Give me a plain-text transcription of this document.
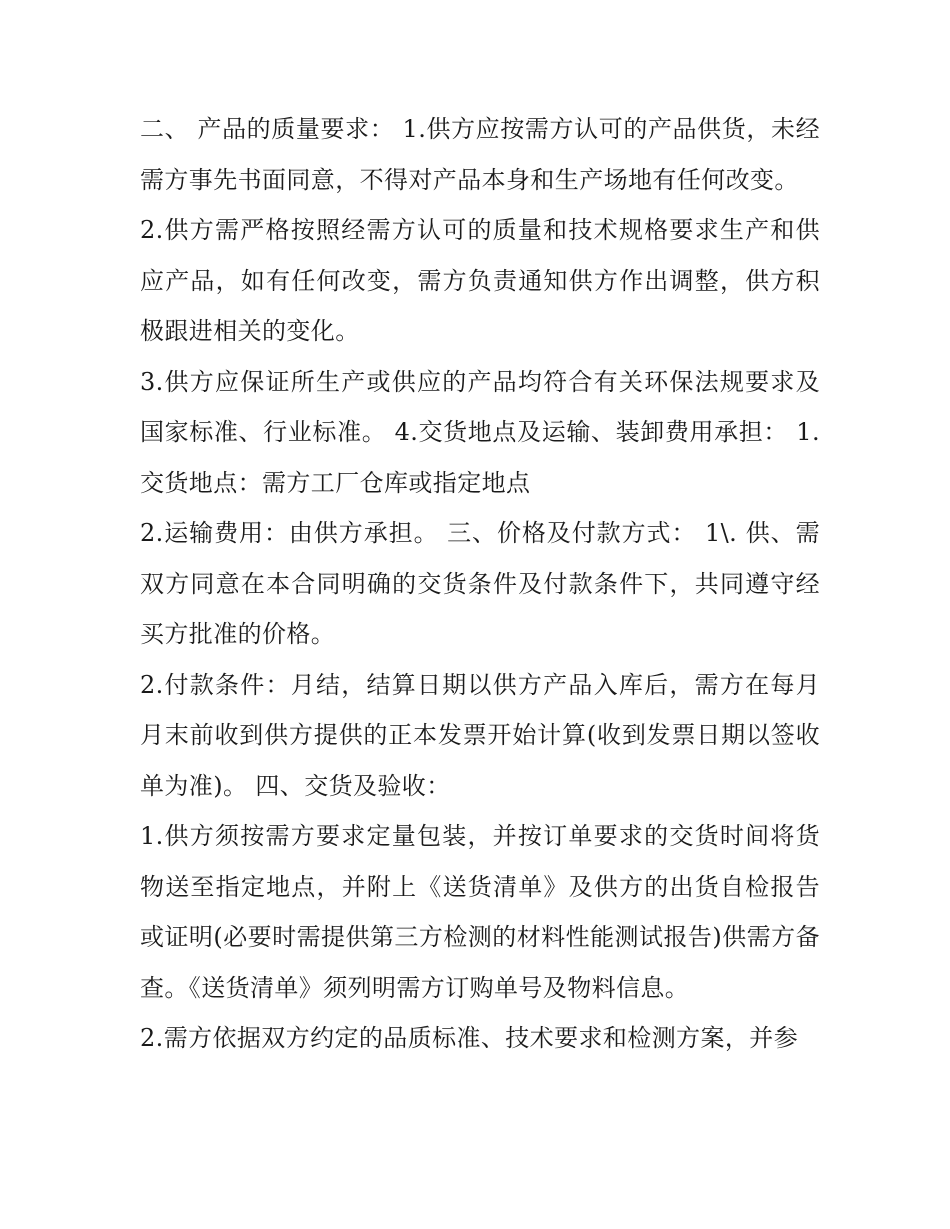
二、 产品的质量要求： 1.供方应按需方认可的产品供货，未经需方事先书面同意，不得对产品本身和生产场地有任何改变。

2.供方需严格按照经需方认可的质量和技术规格要求生产和供应产品，如有任何改变，需方负责通知供方作出调整，供方积极跟进相关的变化。

3.供方应保证所生产或供应的产品均符合有关环保法规要求及国家标准、行业标准。 4.交货地点及运输、装卸费用承担： 1.交货地点：需方工厂仓库或指定地点

2.运输费用：由供方承担。 三、价格及付款方式： 1\. 供、需双方同意在本合同明确的交货条件及付款条件下，共同遵守经买方批准的价格。

2.付款条件：月结，结算日期以供方产品入库后，需方在每月月末前收到供方提供的正本发票开始计算(收到发票日期以签收单为准)。 四、交货及验收：

1.供方须按需方要求定量包装，并按订单要求的交货时间将货物送至指定地点，并附上《送货清单》及供方的出货自检报告或证明(必要时需提供第三方检测的材料性能测试报告)供需方备查。《送货清单》须列明需方订购单号及物料信息。

2.需方依据双方约定的品质标准、技术要求和检测方案，并参
